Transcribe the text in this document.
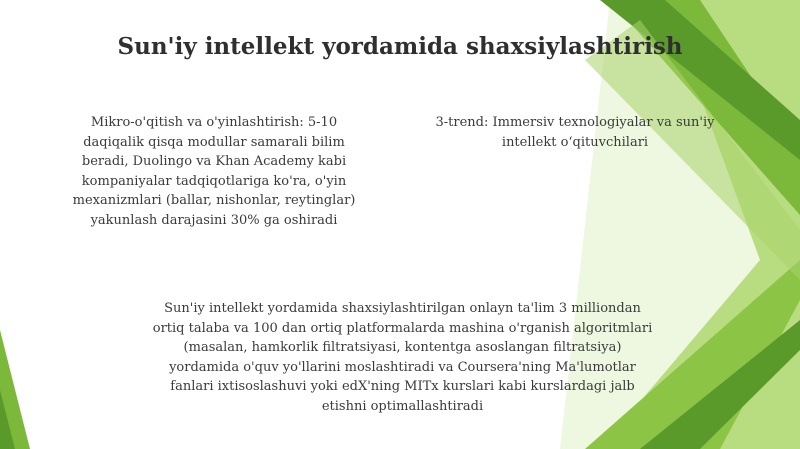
Sun'iy intellekt yordamida shaxsiylashtirish

Mikro-o'qitish va o'yinlashtirish: 5-10 daqiqalik qisqa modullar samarali bilim beradi, Duolingo va Khan Academy kabi kompaniyalar tadqiqotlariga ko'ra, o'yin mexanizmlari (ballar, nishonlar, reytinglar) yakunlash darajasini 30% ga oshiradi

3-trend: Immersiv texnologiyalar va sun'iy intellekt oʻqituvchilari

Sun'iy intellekt yordamida shaxsiylashtirilgan onlayn ta'lim 3 milliondan ortiq talaba va 100 dan ortiq platformalarda mashina o'rganish algoritmlari (masalan, hamkorlik filtratsiyasi, kontentga asoslangan filtratsiya) yordamida o'quv yo'llarini moslashtiradi va Coursera'ning Ma'lumotlar fanlari ixtisoslashuvi yoki edX'ning MITx kurslari kabi kurslardagi jalb etishni optimallashtiradi
